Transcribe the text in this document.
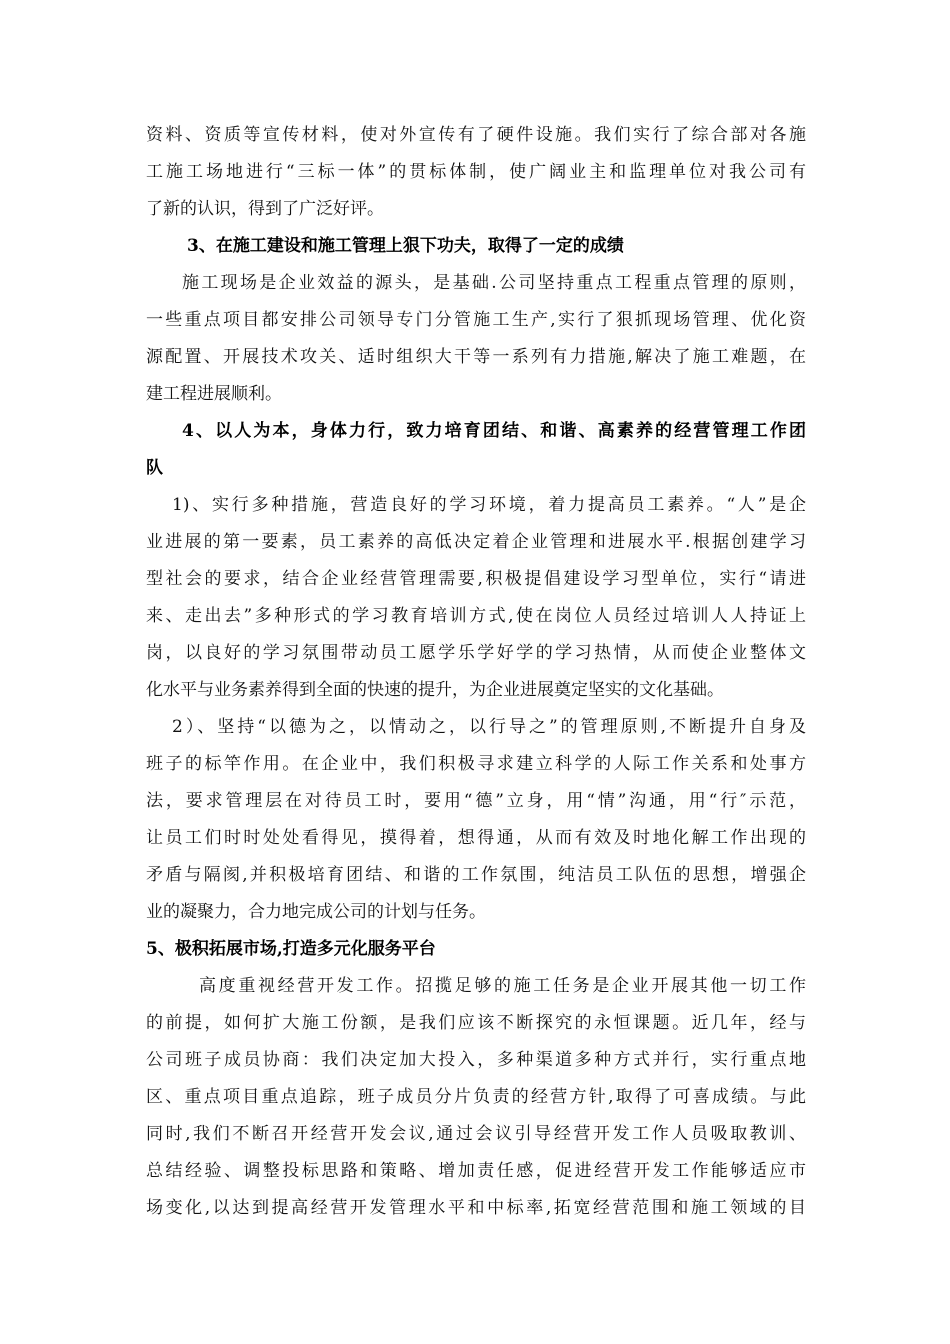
资料、资质等宣传材料，使对外宣传有了硬件设施。我们实行了综合部对各施
工施工场地进行“三标一体”的贯标体制，使广阔业主和监理单位对我公司有
了新的认识，得到了广泛好评。
3、在施工建设和施工管理上狠下功夫，取得了一定的成绩
施工现场是企业效益的源头，是基础.公司坚持重点工程重点管理的原则，
一些重点项目都安排公司领导专门分管施工生产,实行了狠抓现场管理、优化资
源配置、开展技术攻关、适时组织大干等一系列有力措施,解决了施工难题，在
建工程进展顺利。
4、以人为本，身体力行，致力培育团结、和谐、高素养的经营管理工作团
队
1)、实行多种措施，营造良好的学习环境，着力提高员工素养。“人”是企
业进展的第一要素，员工素养的高低决定着企业管理和进展水平.根据创建学习
型社会的要求，结合企业经营管理需要,积极提倡建设学习型单位，实行“请进
来、走出去”多种形式的学习教育培训方式,使在岗位人员经过培训人人持证上
岗，以良好的学习氛围带动员工愿学乐学好学的学习热情，从而使企业整体文
化水平与业务素养得到全面的快速的提升，为企业进展奠定坚实的文化基础。
2）、坚持“以德为之，以情动之，以行导之”的管理原则,不断提升自身及
班子的标竿作用。在企业中，我们积极寻求建立科学的人际工作关系和处事方
法，要求管理层在对待员工时，要用“德”立身，用“情”沟通，用“行″示范，
让员工们时时处处看得见，摸得着，想得通，从而有效及时地化解工作出现的
矛盾与隔阂,并积极培育团结、和谐的工作氛围，纯洁员工队伍的思想，增强企
业的凝聚力，合力地完成公司的计划与任务。
5、极积拓展市场,打造多元化服务平台
高度重视经营开发工作。招揽足够的施工任务是企业开展其他一切工作
的前提，如何扩大施工份额，是我们应该不断探究的永恒课题。近几年，经与
公司班子成员协商：我们决定加大投入，多种渠道多种方式并行，实行重点地
区、重点项目重点追踪，班子成员分片负责的经营方针,取得了可喜成绩。与此
同时,我们不断召开经营开发会议,通过会议引导经营开发工作人员吸取教训、
总结经验、调整投标思路和策略、增加责任感，促进经营开发工作能够适应市
场变化,以达到提高经营开发管理水平和中标率,拓宽经营范围和施工领域的目
